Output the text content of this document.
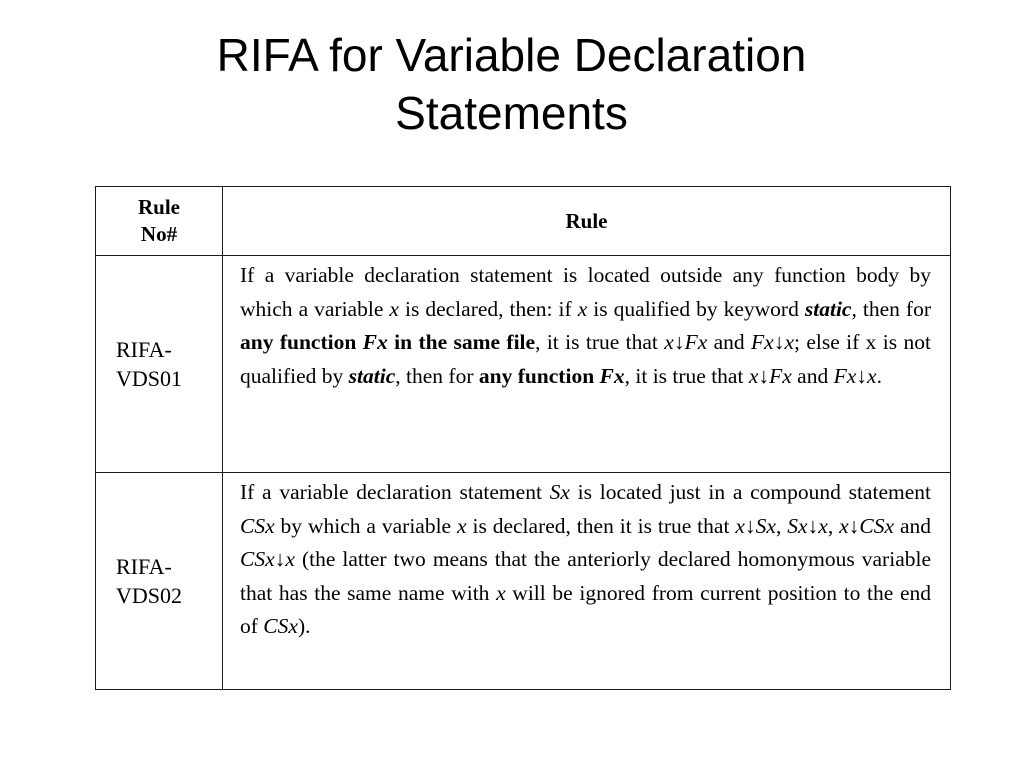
RIFA for Variable Declaration
Statements
Rule
No#	Rule

RIFA-
VDS01	If a variable declaration statement is located outside any function body by which a variable x is declared, then: if x is qualified by keyword static, then for any function Fx in the same file, it is true that x↓Fx and Fx↓x; else if x is not qualified by static, then for any function Fx, it is true that x↓Fx and Fx↓x.

RIFA-
VDS02	If a variable declaration statement Sx is located just in a compound statement CSx by which a variable x is declared, then it is true that x↓Sx, Sx↓x, x↓CSx and CSx↓x (the latter two means that the anteriorly declared homonymous variable that has the same name with x will be ignored from current position to the end of CSx).
